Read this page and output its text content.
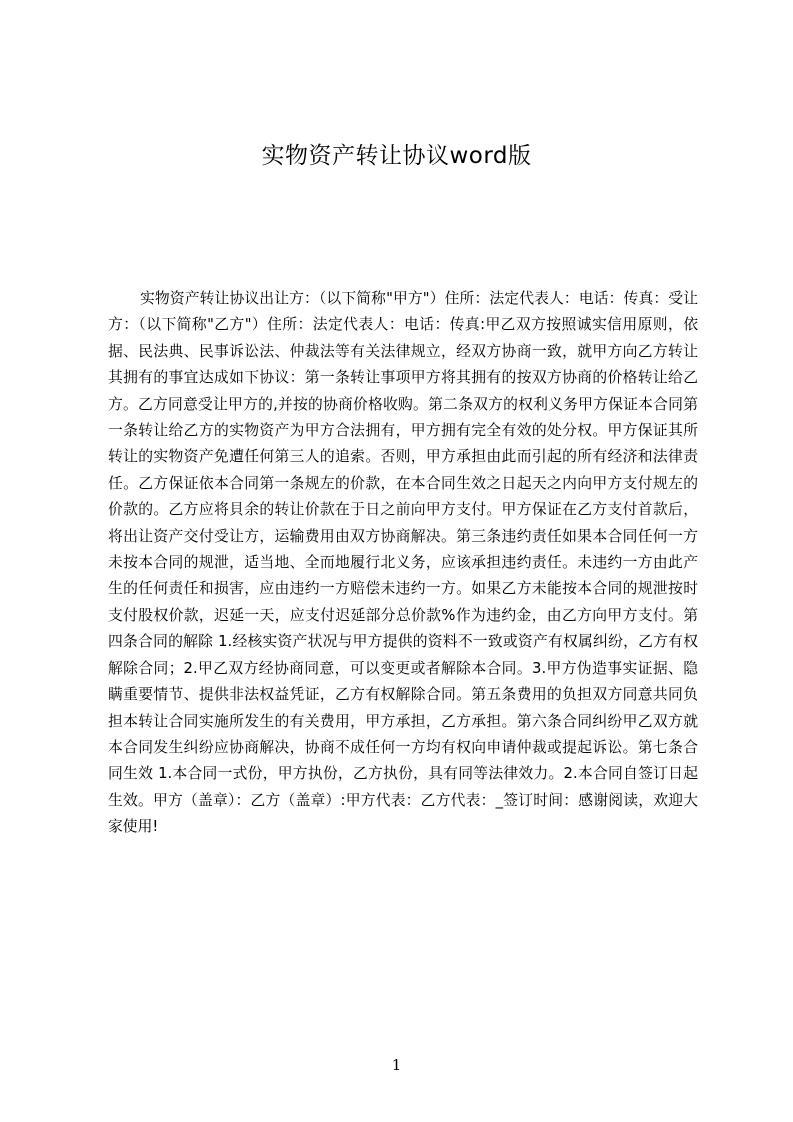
实物资产转让协议word版

实物资产转让协议出让方：（以下简称"甲方"）住所：法定代表人：电话：传真：受让方：（以下简称"乙方"）住所：法定代表人：电话：传真:甲乙双方按照诚实信用原则，依据、民法典、民事诉讼法、仲裁法等有关法律规立，经双方协商一致，就甲方向乙方转让其拥有的事宜达成如下协议：第一条转让事项甲方将其拥有的按双方协商的价格转让给乙方。乙方同意受让甲方的,并按的协商价格收购。第二条双方的权利义务甲方保证本合同第一条转让给乙方的实物资产为甲方合法拥有，甲方拥有完全有效的处分权。甲方保证其所转让的实物资产免遭任何第三人的追索。否则，甲方承担由此而引起的所有经济和法律责任。乙方保证依本合同第一条规左的价款，在本合同生效之日起天之内向甲方支付规左的价款的。乙方应将貝余的转让价款在于日之前向甲方支付。甲方保证在乙方支付首款后，将出让资产交付受让方，运输费用由双方协商解决。第三条违约责任如果本合同任何一方未按本合同的规泄，适当地、全而地履行北义务，应该承担违约责任。未违约一方由此产生的任何责任和损害，应由违约一方赔偿未违约一方。如果乙方未能按本合同的规泄按时支付股权价款，迟延一天，应支付迟延部分总价款%作为违约金，由乙方向甲方支付。第四条合同的解除 1.经核实资产状况与甲方提供的资料不一致或资产有权属纠纷，乙方有权解除合同；2.甲乙双方经协商同意，可以变更或者解除本合同。3.甲方伪造事实证据、隐瞒重要情节、提供非法权益凭证，乙方有权解除合同。第五条费用的负担双方同意共同负担本转让合同实施所发生的有关费用，甲方承担，乙方承担。第六条合同纠纷甲乙双方就本合同发生纠纷应协商解决，协商不成任何一方均有权向申请仲裁或提起诉讼。第七条合同生效 1.本合同一式份，甲方执份，乙方执份，具有同等法律效力。2.本合同自签订日起生效。甲方（盖章）：乙方（盖章）:甲方代表：乙方代表：_签订时间：感谢阅读，欢迎大家使用!

1
